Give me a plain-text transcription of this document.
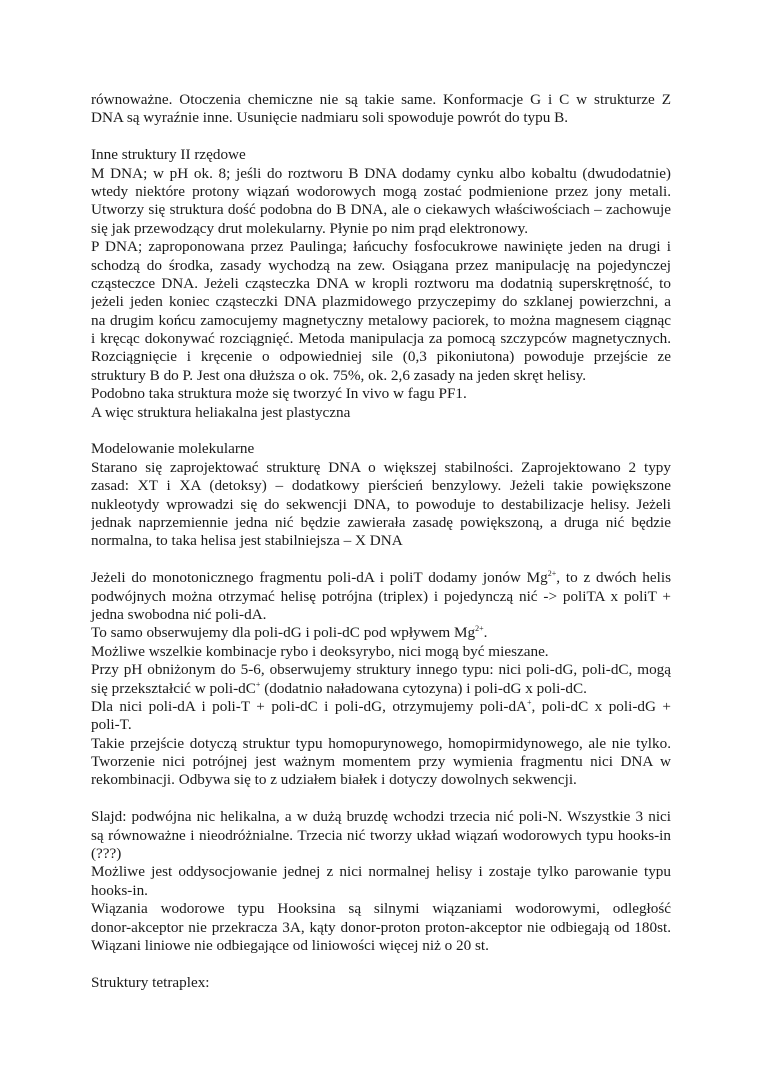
równoważne. Otoczenia chemiczne nie są takie same. Konformacje G i C w strukturze Z
DNA są wyraźnie inne. Usunięcie nadmiaru soli spowoduje powrót do typu B.
Inne struktury II rzędowe
M DNA; w pH ok. 8; jeśli do roztworu B DNA dodamy cynku albo kobaltu (dwudodatnie)
wtedy niektóre protony wiązań wodorowych mogą zostać podmienione przez jony metali.
Utworzy się struktura dość podobna do B DNA, ale o ciekawych właściwościach – zachowuje
się jak przewodzący drut molekularny. Płynie po nim prąd elektronowy.
P DNA; zaproponowana przez Paulinga; łańcuchy fosfocukrowe nawinięte jeden na drugi i
schodzą do środka, zasady wychodzą na zew. Osiągana przez manipulację na pojedynczej
cząsteczce DNA. Jeżeli cząsteczka DNA w kropli roztworu ma dodatnią superskrętność, to
jeżeli jeden koniec cząsteczki DNA plazmidowego przyczepimy do szklanej powierzchni, a
na drugim końcu zamocujemy magnetyczny metalowy paciorek, to można magnesem ciągnąc
i kręcąc dokonywać rozciągnięć. Metoda manipulacja za pomocą szczypców magnetycznych.
Rozciągnięcie i kręcenie o odpowiedniej sile (0,3 pikoniutona) powoduje przejście ze
struktury B do P. Jest ona dłuższa o ok. 75%, ok. 2,6 zasady na jeden skręt helisy.
Podobno taka struktura może się tworzyć In vivo w fagu PF1.
A więc struktura heliakalna jest plastyczna
Modelowanie molekularne
Starano się zaprojektować strukturę DNA o większej stabilności. Zaprojektowano 2 typy
zasad: XT i XA (detoksy) – dodatkowy pierścień benzylowy. Jeżeli takie powiększone
nukleotydy wprowadzi się do sekwencji DNA, to powoduje to destabilizacje helisy. Jeżeli
jednak naprzemiennie jedna nić będzie zawierała zasadę powiększoną, a druga nić będzie
normalna, to taka helisa jest stabilniejsza – X DNA
Jeżeli do monotonicznego fragmentu poli-dA i poliT dodamy jonów $Mg^{2+}$, to z dwóch helis
podwójnych można otrzymać helisę potrójna (triplex) i pojedynczą nić -> poliTA x poliT +
jedna swobodna nić poli-dA.
To samo obserwujemy dla poli-dG i poli-dC pod wpływem $Mg^{2+}$.
Możliwe wszelkie kombinacje rybo i deoksyrybo, nici mogą być mieszane.
Przy pH obniżonym do 5-6, obserwujemy struktury innego typu: nici poli-dG, poli-dC, mogą
się przekształcić w poli-dC+ (dodatnio naładowana cytozyna) i poli-dG x poli-dC.
Dla nici poli-dA i poli-T + poli-dC i poli-dG, otrzymujemy poli-dA+, poli-dC x poli-dG +
poli-T.
Takie przejście dotyczą struktur typu homopurynowego, homopirmidynowego, ale nie tylko.
Tworzenie nici potrójnej jest ważnym momentem przy wymienia fragmentu nici DNA w
rekombinacji. Odbywa się to z udziałem białek i dotyczy dowolnych sekwencji.
Slajd: podwójna nic helikalna, a w dużą bruzdę wchodzi trzecia nić poli-N. Wszystkie 3 nici
są równoważne i nieodróżnialne. Trzecia nić tworzy układ wiązań wodorowych typu hooks-in
(???)
Możliwe jest oddysocjowanie jednej z nici normalnej helisy i zostaje tylko parowanie typu
hooks-in.
Wiązania wodorowe typu Hooksina są silnymi wiązaniami wodorowymi, odległość
donor-akceptor nie przekracza 3A, kąty donor-proton proton-akceptor nie odbiegają od 180st.
Wiązani liniowe nie odbiegające od liniowości więcej niż o 20 st.
Struktury tetraplex:
